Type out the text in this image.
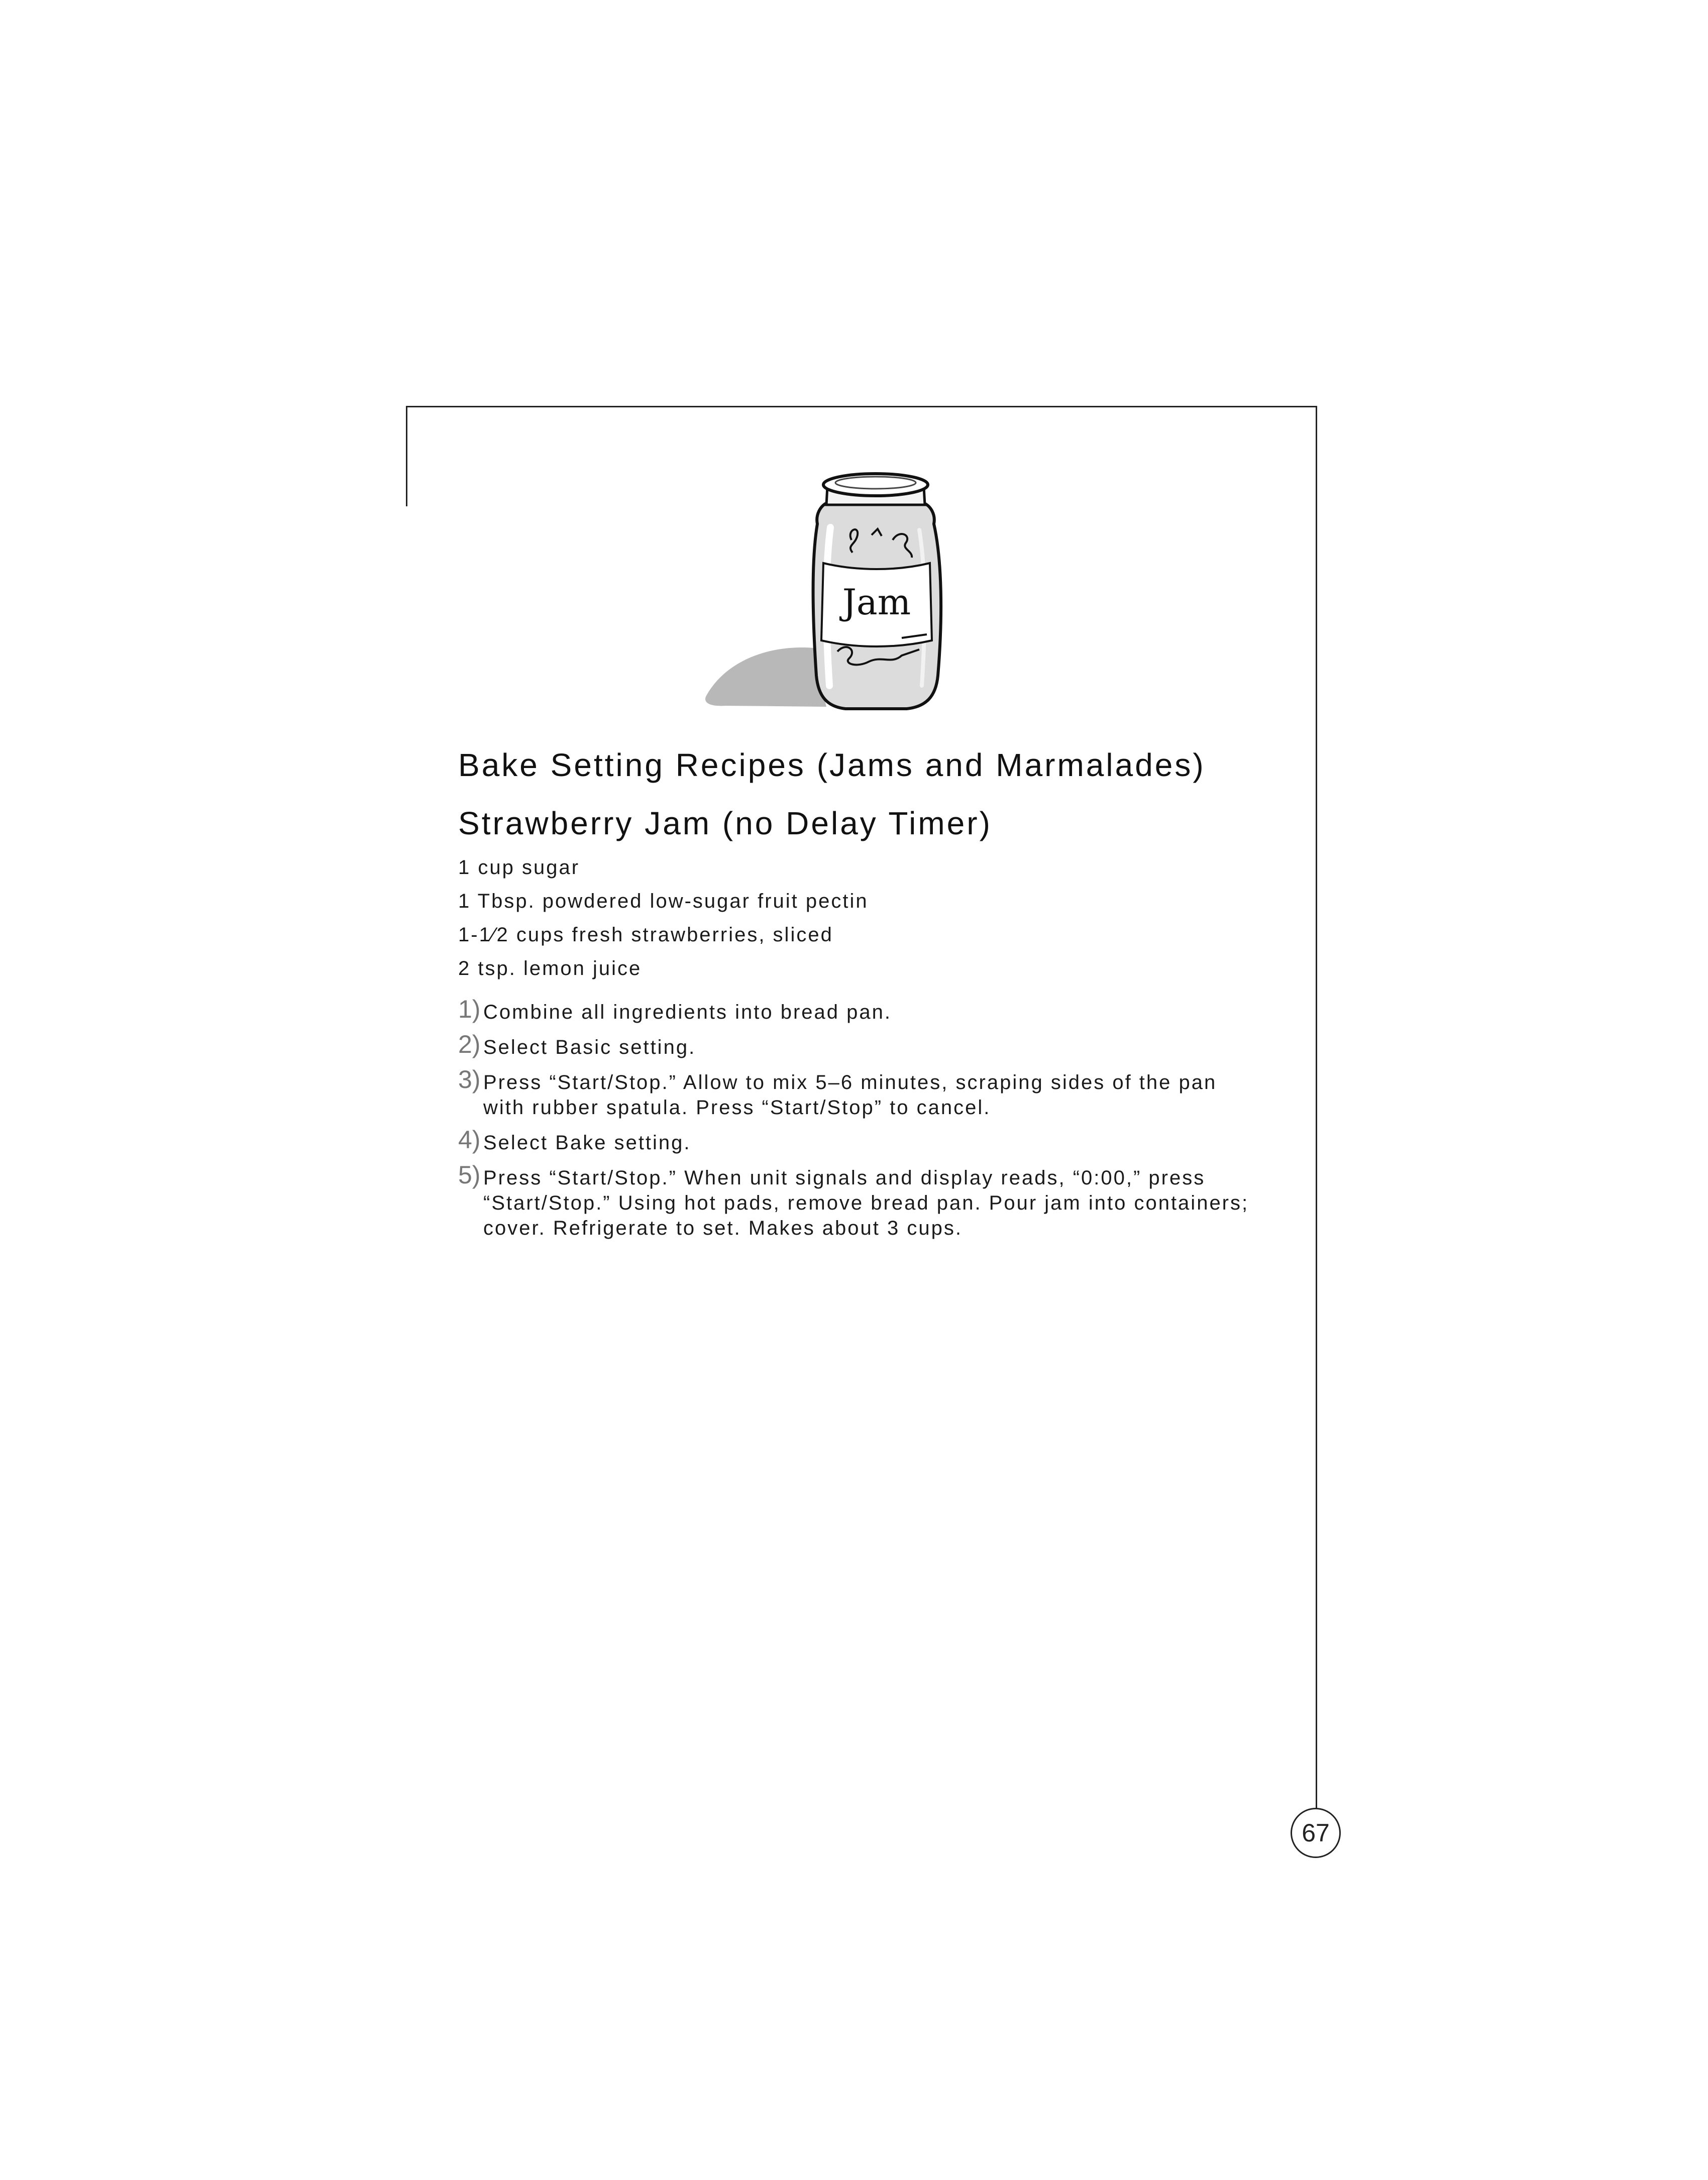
Jam
Bake Setting Recipes (Jams and Marmalades)
Strawberry Jam (no Delay Timer)
1 cup sugar
1 Tbsp. powdered low-sugar fruit pectin
1-1⁄2 cups fresh strawberries, sliced
2 tsp. lemon juice
1) Combine all ingredients into bread pan.
2) Select Basic setting.
3) Press “Start/Stop.” Allow to mix 5–6 minutes, scraping sides of the pan with rubber spatula. Press “Start/Stop” to cancel.
4) Select Bake setting.
5) Press “Start/Stop.” When unit signals and display reads, “0:00,” press “Start/Stop.” Using hot pads, remove bread pan. Pour jam into containers; cover. Refrigerate to set. Makes about 3 cups.
67
